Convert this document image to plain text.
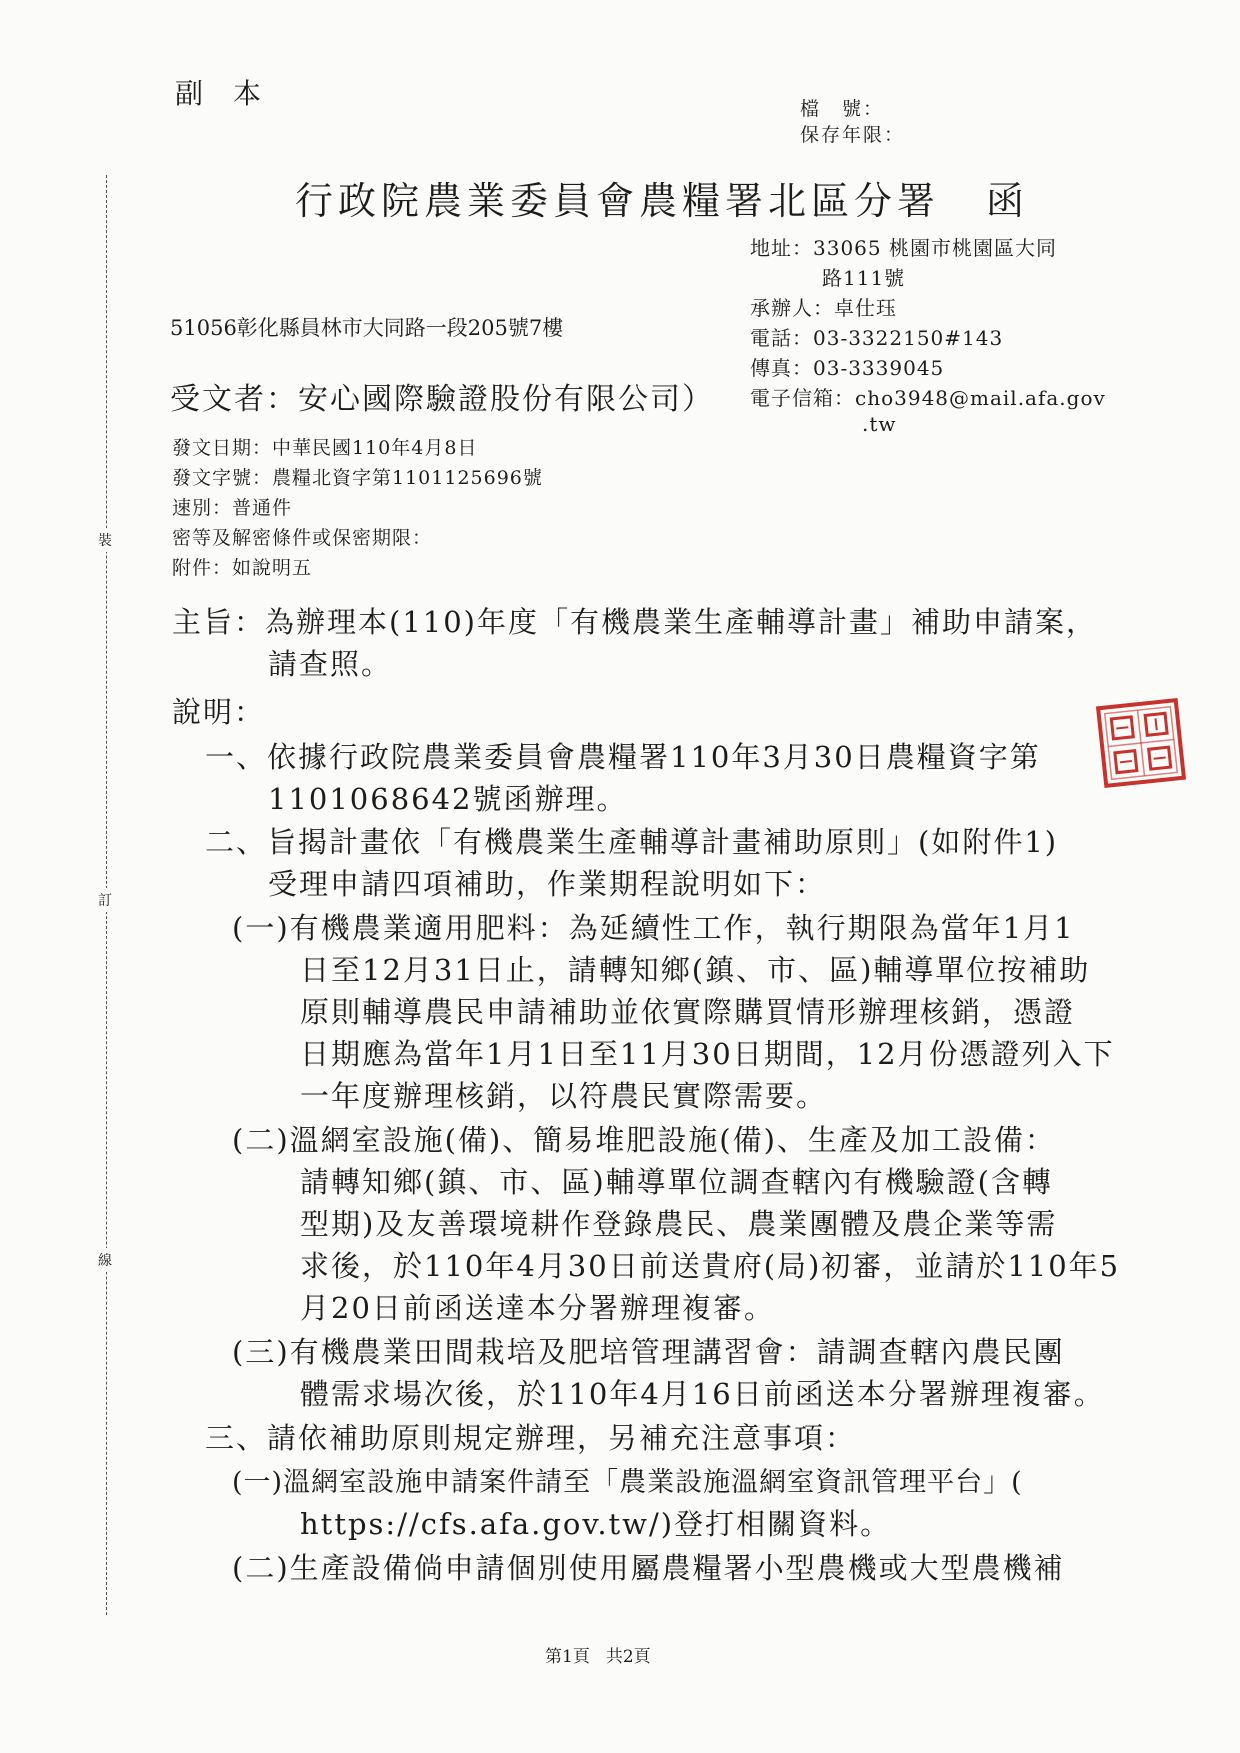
裝
訂
線
副本	檔　號：
保存年限：
行政院農業委員會農糧署北區分署 函
地址：33065 桃園市桃園區大同
路111號
承辦人：卓仕珏
電話：03-3322150#143
傳真：03-3339045
電子信箱：cho3948@mail.afa.gov
.tw
51056彰化縣員林市大同路一段205號7樓
受文者：安心國際驗證股份有限公司）
發文日期：中華民國110年4月8日
發文字號：農糧北資字第1101125696號
速別：普通件
密等及解密條件或保密期限：
附件：如說明五
主旨：為辦理本(110)年度「有機農業生產輔導計畫」補助申請案，
請查照。
說明：
一、依據行政院農業委員會農糧署110年3月30日農糧資字第
1101068642號函辦理。
二、旨揭計畫依「有機農業生產輔導計畫補助原則」(如附件1)
受理申請四項補助，作業期程說明如下：
(一)有機農業適用肥料：為延續性工作，執行期限為當年1月1
日至12月31日止，請轉知鄉(鎮、市、區)輔導單位按補助
原則輔導農民申請補助並依實際購買情形辦理核銷，憑證
日期應為當年1月1日至11月30日期間，12月份憑證列入下
一年度辦理核銷，以符農民實際需要。
(二)溫網室設施(備)、簡易堆肥設施(備)、生產及加工設備：
請轉知鄉(鎮、市、區)輔導單位調查轄內有機驗證(含轉
型期)及友善環境耕作登錄農民、農業團體及農企業等需
求後，於110年4月30日前送貴府(局)初審，並請於110年5
月20日前函送達本分署辦理複審。
(三)有機農業田間栽培及肥培管理講習會：請調查轄內農民團
體需求場次後，於110年4月16日前函送本分署辦理複審。
三、請依補助原則規定辦理，另補充注意事項：
(一)溫網室設施申請案件請至「農業設施溫網室資訊管理平台」(
https://cfs.afa.gov.tw/)登打相關資料。
(二)生產設備倘申請個別使用屬農糧署小型農機或大型農機補
第1頁 共2頁
